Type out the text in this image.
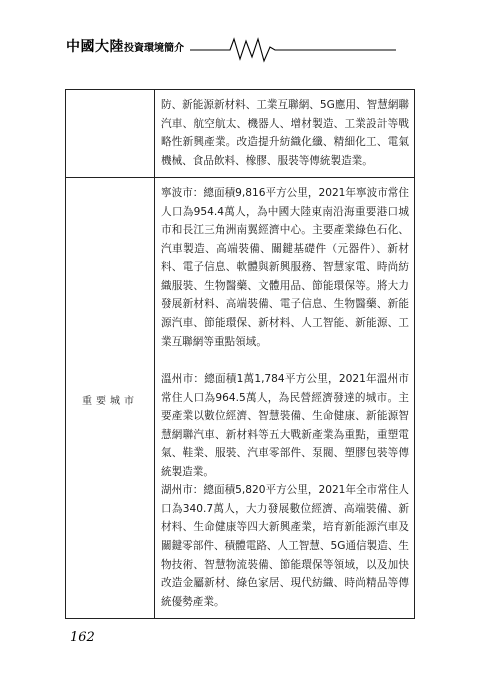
中國大陸投資環境簡介

	防、新能源新材料、工業互聯網、5G應用、智慧網聯汽車、航空航太、機器人、增材製造、工業設計等戰略性新興產業。改造提升紡織化纖、精細化工、電氣機械、食品飲料、橡膠、服裝等傳統製造業。

重要城市	寧波市：總面積9,816平方公里，2021年寧波市常住人口為954.4萬人，為中國大陸東南沿海重要港口城市和長江三角洲南翼經濟中心。主要產業綠色石化、汽車製造、高端裝備、關鍵基礎件（元器件）、新材料、電子信息、軟體與新興服務、智慧家電、時尚紡織服裝、生物醫藥、文體用品、節能環保等。將大力發展新材料、高端裝備、電子信息、生物醫藥、新能源汽車、節能環保、新材料、人工智能、新能源、工業互聯網等重點領域。

溫州市：總面積1萬1,784平方公里，2021年溫州市常住人口為964.5萬人，為民營經濟發達的城市。主要產業以數位經濟、智慧裝備、生命健康、新能源智慧網聯汽車、新材料等五大戰新產業為重點，重塑電氣、鞋業、服裝、汽車零部件、泵閥、塑膠包裝等傳統製造業。

湖州市：總面積5,820平方公里，2021年全市常住人口為340.7萬人，大力發展數位經濟、高端裝備、新材料、生命健康等四大新興產業，培育新能源汽車及關鍵零部件、積體電路、人工智慧、5G通信製造、生物技術、智慧物流裝備、節能環保等領域，以及加快改造金屬新材、綠色家居、現代紡織、時尚精品等傳統優勢產業。

162
